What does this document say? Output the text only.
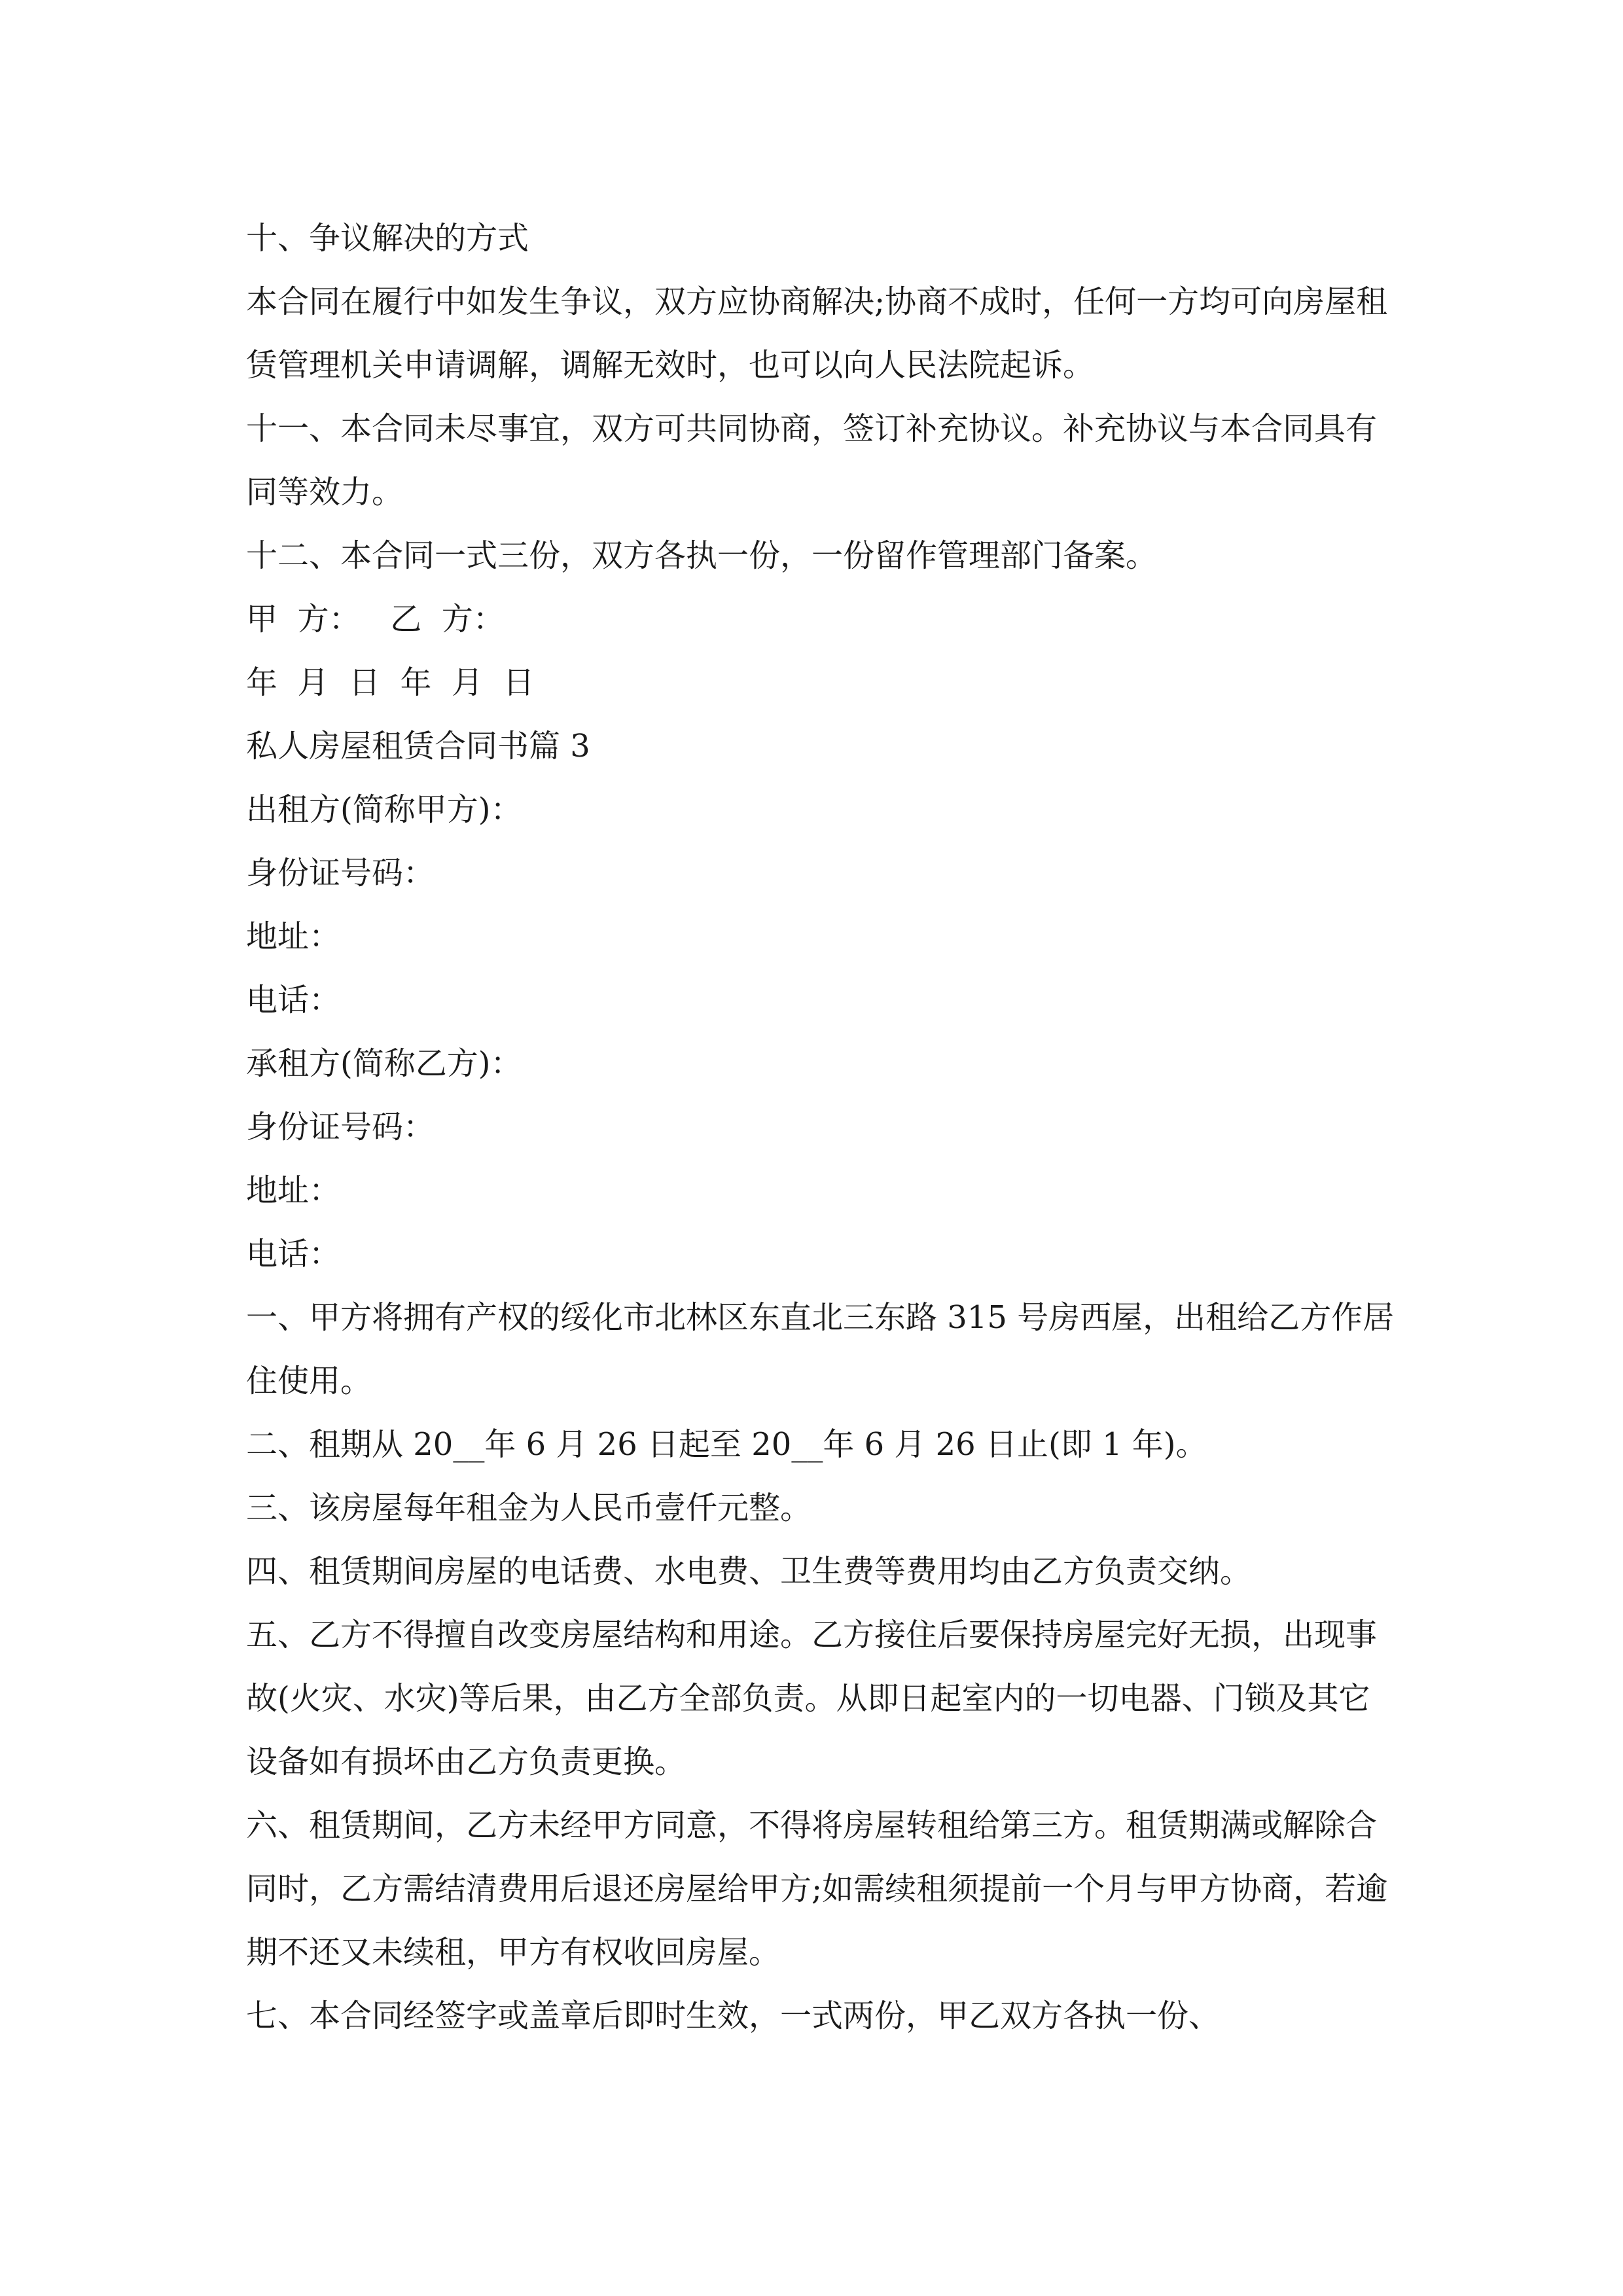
十、争议解决的方式

本合同在履行中如发生争议，双方应协商解决;协商不成时，任何一方均可向房屋租赁管理机关申请调解，调解无效时，也可以向人民法院起诉。

十一、本合同未尽事宜，双方可共同协商，签订补充协议。补充协议与本合同具有同等效力。

十二、本合同一式三份，双方各执一份，一份留作管理部门备案。

甲  方：   乙  方：

年  月  日  年  月  日

私人房屋租赁合同书篇 3

出租方(简称甲方)：

身份证号码：

地址：

电话：

承租方(简称乙方)：

身份证号码：

地址：

电话：

一、甲方将拥有产权的绥化市北林区东直北三东路 315 号房西屋，出租给乙方作居住使用。

二、租期从 20__年 6 月 26 日起至 20__年 6 月 26 日止(即 1 年)。

三、该房屋每年租金为人民币壹仟元整。

四、租赁期间房屋的电话费、水电费、卫生费等费用均由乙方负责交纳。

五、乙方不得擅自改变房屋结构和用途。乙方接住后要保持房屋完好无损，出现事故(火灾、水灾)等后果，由乙方全部负责。从即日起室内的一切电器、门锁及其它设备如有损坏由乙方负责更换。

六、租赁期间，乙方未经甲方同意，不得将房屋转租给第三方。租赁期满或解除合同时，乙方需结清费用后退还房屋给甲方;如需续租须提前一个月与甲方协商，若逾期不还又未续租，甲方有权收回房屋。

七、本合同经签字或盖章后即时生效，一式两份，甲乙双方各执一份、
